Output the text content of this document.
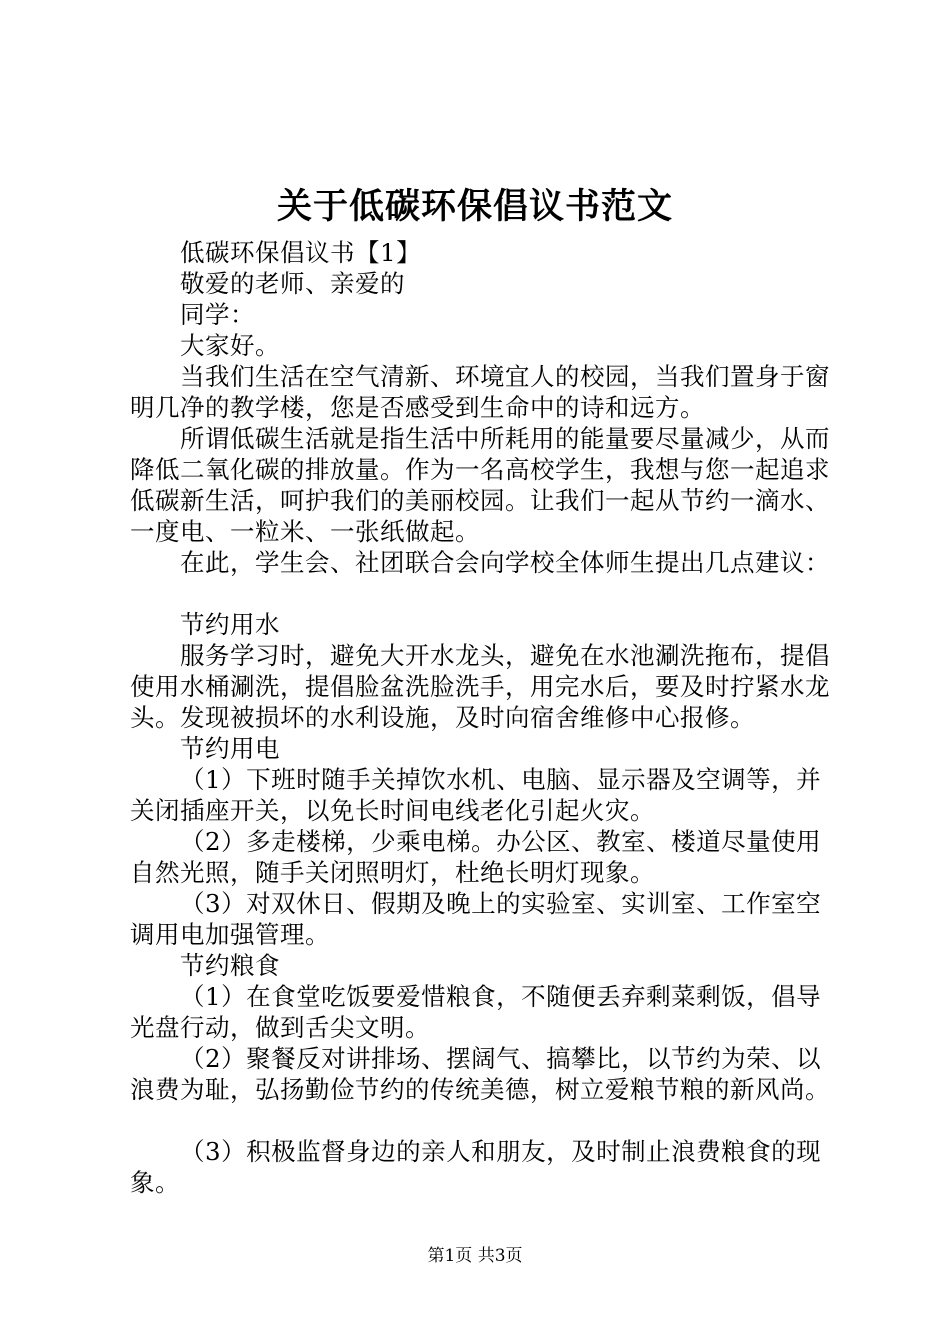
关于低碳环保倡议书范文

低碳环保倡议书【1】

敬爱的老师、亲爱的

同学：

大家好。

当我们生活在空气清新、环境宜人的校园，当我们置身于窗明几净的教学楼，您是否感受到生命中的诗和远方。

所谓低碳生活就是指生活中所耗用的能量要尽量减少，从而降低二氧化碳的排放量。作为一名高校学生，我想与您一起追求低碳新生活，呵护我们的美丽校园。让我们一起从节约一滴水、一度电、一粒米、一张纸做起。

在此，学生会、社团联合会向学校全体师生提出几点建议：

节约用水

服务学习时，避免大开水龙头，避免在水池涮洗拖布，提倡使用水桶涮洗，提倡脸盆洗脸洗手，用完水后，要及时拧紧水龙头。发现被损坏的水利设施，及时向宿舍维修中心报修。

节约用电

（1）下班时随手关掉饮水机、电脑、显示器及空调等，并关闭插座开关，以免长时间电线老化引起火灾。

（2）多走楼梯，少乘电梯。办公区、教室、楼道尽量使用自然光照，随手关闭照明灯，杜绝长明灯现象。

（3）对双休日、假期及晚上的实验室、实训室、工作室空调用电加强管理。

节约粮食

（1）在食堂吃饭要爱惜粮食，不随便丢弃剩菜剩饭，倡导光盘行动，做到舌尖文明。

（2）聚餐反对讲排场、摆阔气、搞攀比，以节约为荣、以浪费为耻，弘扬勤俭节约的传统美德，树立爱粮节粮的新风尚。

（3）积极监督身边的亲人和朋友，及时制止浪费粮食的现象。

第1页 共3页
